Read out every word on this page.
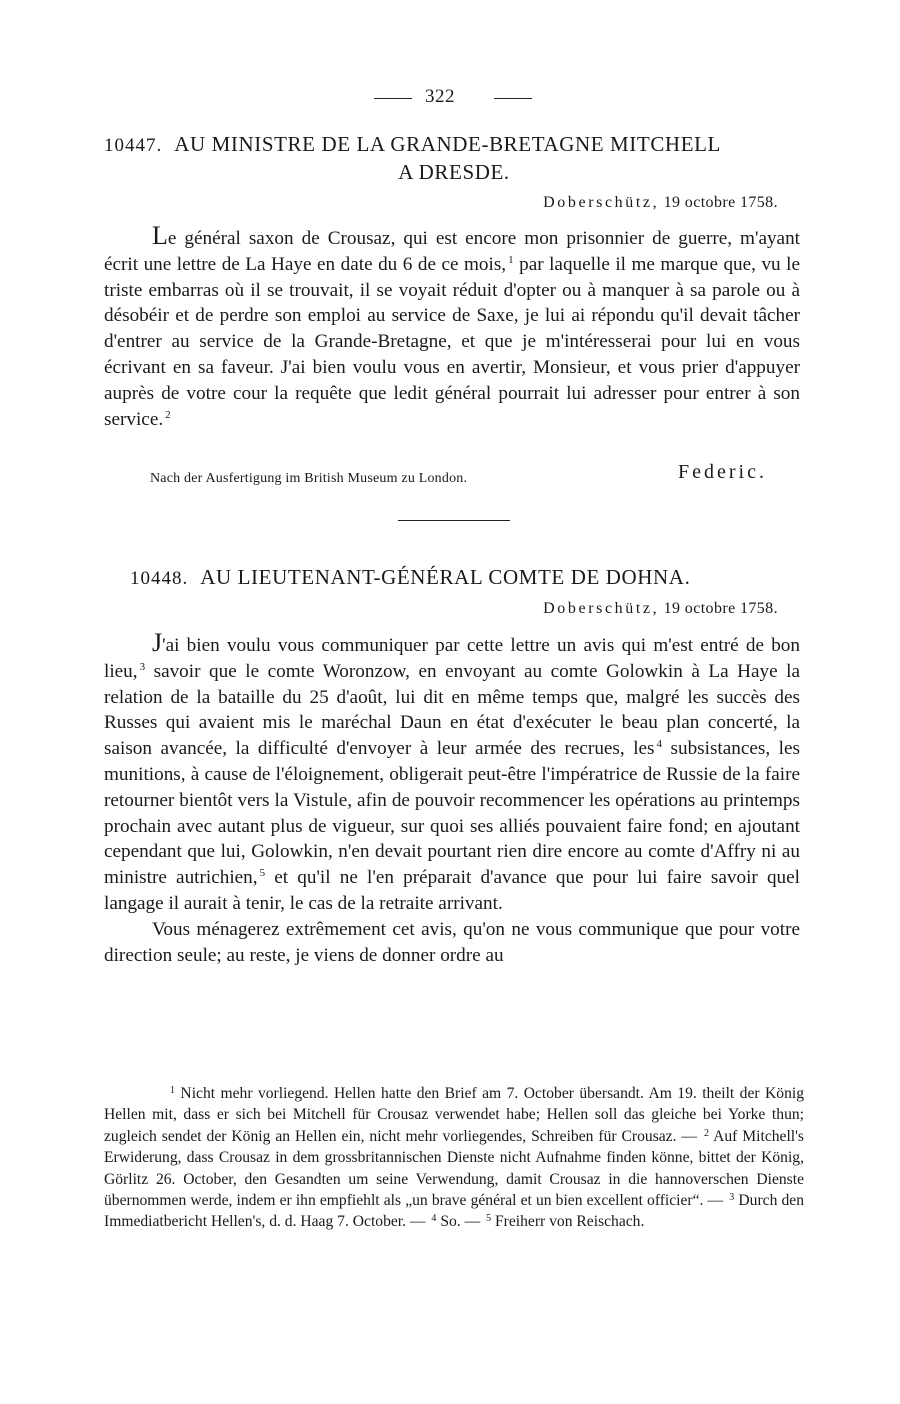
322
10447. AU MINISTRE DE LA GRANDE-BRETAGNE MITCHELL
A DRESDE.
Doberschütz, 19 octobre 1758.

Le général saxon de Crousaz, qui est encore mon prisonnier de guerre, m'ayant écrit une lettre de La Haye en date du 6 de ce mois, $^1$ par laquelle il me marque que, vu le triste embarras où il se trouvait, il se voyait réduit d'opter ou à manquer à sa parole ou à désobéir et de perdre son emploi au service de Saxe, je lui ai répondu qu'il devait tâcher d'entrer au service de la Grande-Bretagne, et que je m'intéresserai pour lui en vous écrivant en sa faveur. J'ai bien voulu vous en avertir, Monsieur, et vous prier d'appuyer auprès de votre cour la requête que ledit général pourrait lui adresser pour entrer à son service. $^2$

Nach der Ausfertigung im British Museum zu London.	Federic.
10448. AU LIEUTENANT-GÉNÉRAL COMTE DE DOHNA.
Doberschütz, 19 octobre 1758.

J'ai bien voulu vous communiquer par cette lettre un avis qui m'est entré de bon lieu, $^3$ savoir que le comte Woronzow, en envoyant au comte Golowkin à La Haye la relation de la bataille du 25 d'août, lui dit en même temps que, malgré les succès des Russes qui avaient mis le maréchal Daun en état d'exécuter le beau plan concerté, la saison avancée, la difficulté d'envoyer à leur armée des recrues, les $^4$ subsistances, les munitions, à cause de l'éloignement, obligerait peut-être l'impératrice de Russie de la faire retourner bientôt vers la Vistule, afin de pouvoir recommencer les opérations au printemps prochain avec autant plus de vigueur, sur quoi ses alliés pouvaient faire fond; en ajoutant cependant que lui, Golowkin, n'en devait pourtant rien dire encore au comte d'Affry ni au ministre autrichien, $^5$ et qu'il ne l'en préparait d'avance que pour lui faire savoir quel langage il aurait à tenir, le cas de la retraite arrivant.

Vous ménagerez extrêmement cet avis, qu'on ne vous communique que pour votre direction seule; au reste, je viens de donner ordre au

$^1$ Nicht mehr vorliegend. Hellen hatte den Brief am 7. October übersandt. Am 19. theilt der König Hellen mit, dass er sich bei Mitchell für Crousaz verwendet habe; Hellen soll das gleiche bei Yorke thun; zugleich sendet der König an Hellen ein, nicht mehr vorliegendes, Schreiben für Crousaz. — $^2$ Auf Mitchell's Erwiderung, dass Crousaz in dem grossbritannischen Dienste nicht Aufnahme finden könne, bittet der König, Görlitz 26. October, den Gesandten um seine Verwendung, damit Crousaz in die hannoverschen Dienste übernommen werde, indem er ihn empfiehlt als „un brave général et un bien excellent officier“. — $^3$ Durch den Immediatbericht Hellen's, d. d. Haag 7. October. — $^4$ So. — $^5$ Freiherr von Reischach.
